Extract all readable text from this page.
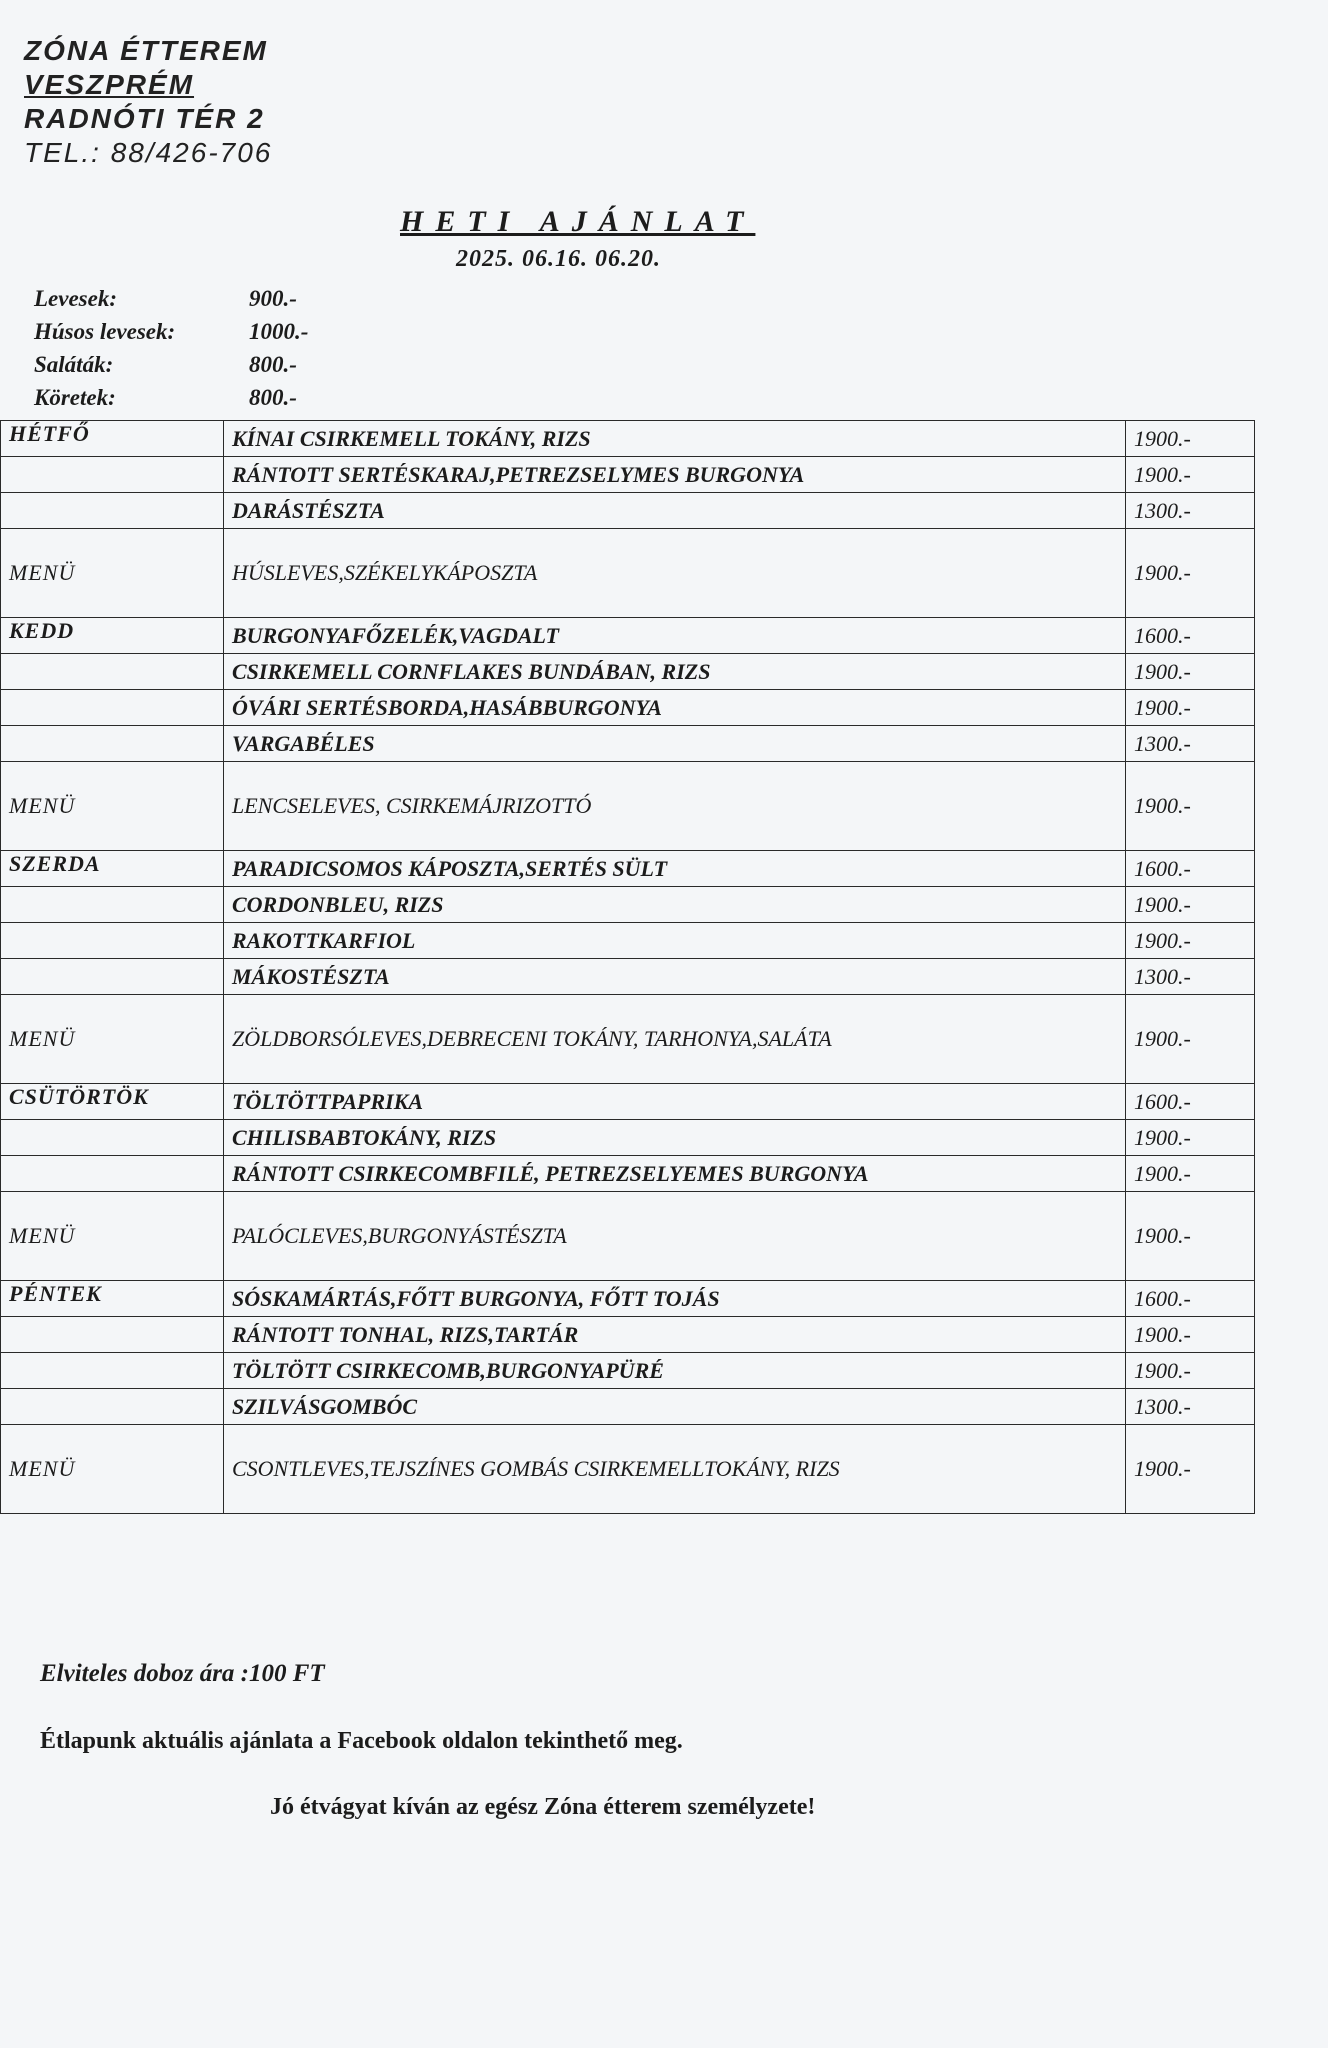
ZÓNA ÉTTEREM
VESZPRÉM
RADNÓTI TÉR 2
TEL.: 88/426-706
HETI AJÁNLAT
2025. 06.16. 06.20.
Levesek:	900.-
Húsos levesek:	1000.-
Saláták:	800.-
Köretek:	800.-
HÉTFŐ	KÍNAI CSIRKEMELL TOKÁNY, RIZS	1900.-
	RÁNTOTT SERTÉSKARAJ,PETREZSELYMES BURGONYA	1900.-
	DARÁSTÉSZTA	1300.-
MENÜ	HÚSLEVES,SZÉKELYKÁPOSZTA	1900.-
KEDD	BURGONYAFŐZELÉK,VAGDALT	1600.-
	CSIRKEMELL CORNFLAKES BUNDÁBAN, RIZS	1900.-
	ÓVÁRI SERTÉSBORDA,HASÁBBURGONYA	1900.-
	VARGABÉLES	1300.-
MENÜ	LENCSELEVES, CSIRKEMÁJRIZOTTÓ	1900.-
SZERDA	PARADICSOMOS KÁPOSZTA,SERTÉS SÜLT	1600.-
	CORDONBLEU, RIZS	1900.-
	RAKOTTKARFIOL	1900.-
	MÁKOSTÉSZTA	1300.-
MENÜ	ZÖLDBORSÓLEVES,DEBRECENI TOKÁNY, TARHONYA,SALÁTA	1900.-
CSÜTÖRTÖK	TÖLTÖTTPAPRIKA	1600.-
	CHILISBABTOKÁNY, RIZS	1900.-
	RÁNTOTT CSIRKECOMBFILÉ, PETREZSELYEMES BURGONYA	1900.-
MENÜ	PALÓCLEVES,BURGONYÁSTÉSZTA	1900.-
PÉNTEK	SÓSKAMÁRTÁS,FŐTT BURGONYA, FŐTT TOJÁS	1600.-
	RÁNTOTT TONHAL, RIZS,TARTÁR	1900.-
	TÖLTÖTT CSIRKECOMB,BURGONYAPÜRÉ	1900.-
	SZILVÁSGOMBÓC	1300.-
MENÜ	CSONTLEVES,TEJSZÍNES GOMBÁS CSIRKEMELLTOKÁNY, RIZS	1900.-
Elviteles doboz ára :100 FT
Étlapunk aktuális ajánlata a Facebook oldalon tekinthető meg.
Jó étvágyat kíván az egész Zóna étterem személyzete!
